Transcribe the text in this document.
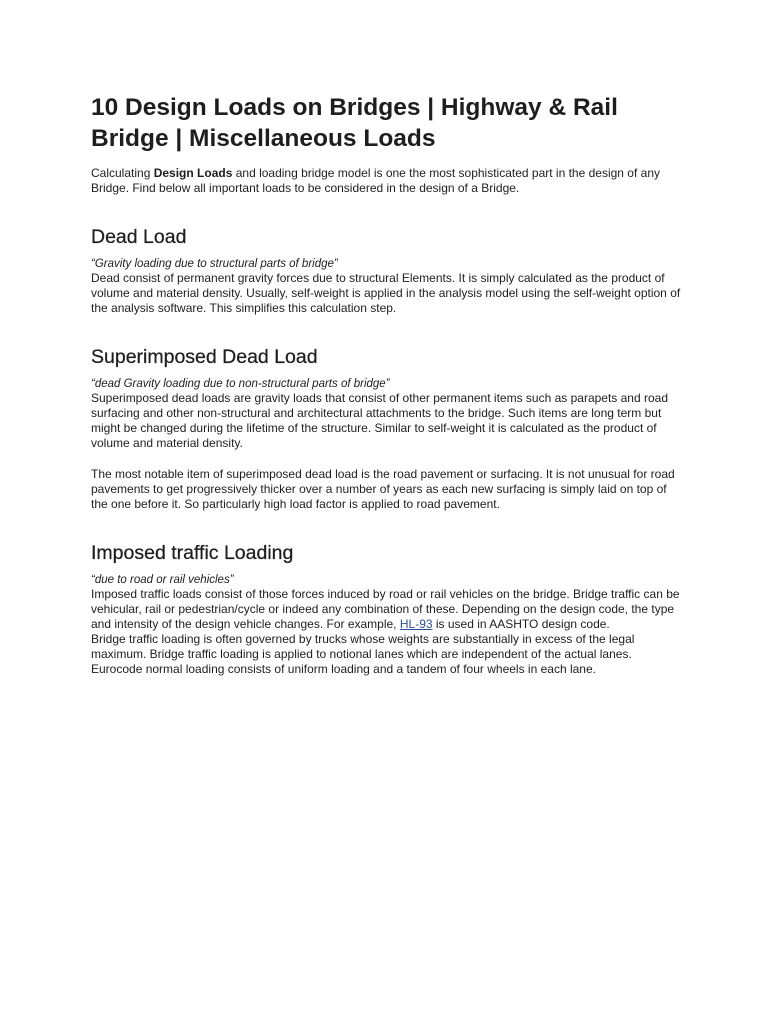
10 Design Loads on Bridges | Highway & Rail Bridge | Miscellaneous Loads

Calculating Design Loads and loading bridge model is one the most sophisticated part in the design of any Bridge. Find below all important loads to be considered in the design of a Bridge.

Dead Load

“Gravity loading due to structural parts of bridge”

Dead consist of permanent gravity forces due to structural Elements. It is simply calculated as the product of volume and material density. Usually, self-weight is applied in the analysis model using the self-weight option of the analysis software. This simplifies this calculation step.

Superimposed Dead Load

“dead Gravity loading due to non-structural parts of bridge”

Superimposed dead loads are gravity loads that consist of other permanent items such as parapets and road surfacing and other non-structural and architectural attachments to the bridge. Such items are long term but might be changed during the lifetime of the structure. Similar to self-weight it is calculated as the product of volume and material density.

The most notable item of superimposed dead load is the road pavement or surfacing. It is not unusual for road pavements to get progressively thicker over a number of years as each new surfacing is simply laid on top of the one before it. So particularly high load factor is applied to road pavement.

Imposed traffic Loading

“due to road or rail vehicles”

Imposed traffic loads consist of those forces induced by road or rail vehicles on the bridge. Bridge traffic can be vehicular, rail or pedestrian/cycle or indeed any combination of these. Depending on the design code, the type and intensity of the design vehicle changes. For example, HL-93 is used in AASHTO design code.

Bridge traffic loading is often governed by trucks whose weights are substantially in excess of the legal maximum. Bridge traffic loading is applied to notional lanes which are independent of the actual lanes. Eurocode normal loading consists of uniform loading and a tandem of four wheels in each lane.
